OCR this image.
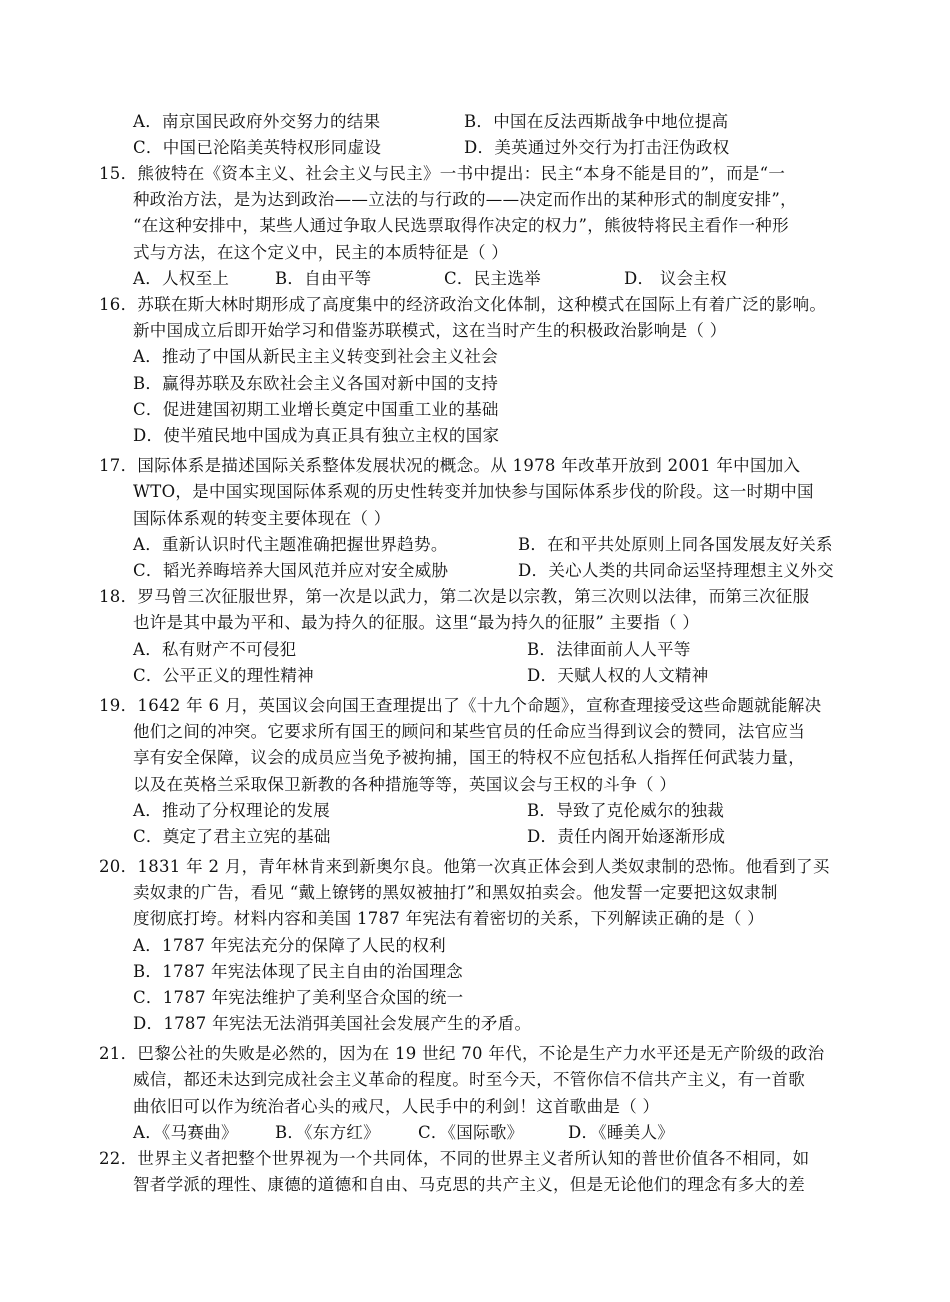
A．南京国民政府外交努力的结果	B．中国在反法西斯战争中地位提高
C．中国已沦陷美英特权形同虚设	D．美英通过外交行为打击汪伪政权
15．熊彼特在《资本主义、社会主义与民主》一书中提出：民主“本身不能是目的”，而是“一
种政治方法，是为达到政治——立法的与行政的——决定而作出的某种形式的制度安排”，
“在这种安排中，某些人通过争取人民选票取得作决定的权力”，熊彼特将民主看作一种形
式与方法，在这个定义中，民主的本质特征是（ ）
A．人权至上	B．自由平等	C．民主选举	D． 议会主权
16．苏联在斯大林时期形成了高度集中的经济政治文化体制，这种模式在国际上有着广泛的影响。
新中国成立后即开始学习和借鉴苏联模式，这在当时产生的积极政治影响是（ ）
A．推动了中国从新民主主义转变到社会主义社会
B．赢得苏联及东欧社会主义各国对新中国的支持
C．促进建国初期工业增长奠定中国重工业的基础
D．使半殖民地中国成为真正具有独立主权的国家
17．国际体系是描述国际关系整体发展状况的概念。从 1978 年改革开放到 2001 年中国加入
WTO，是中国实现国际体系观的历史性转变并加快参与国际体系步伐的阶段。这一时期中国
国际体系观的转变主要体现在（ ）
A．重新认识时代主题准确把握世界趋势。	B．在和平共处原则上同各国发展友好关系
C．韬光养晦培养大国风范并应对安全威胁	D．关心人类的共同命运坚持理想主义外交
18．罗马曾三次征服世界，第一次是以武力，第二次是以宗教，第三次则以法律，而第三次征服
也许是其中最为平和、最为持久的征服。这里“最为持久的征服” 主要指（ ）
A．私有财产不可侵犯	B．法律面前人人平等
C．公平正义的理性精神	D．天赋人权的人文精神
19．1642 年 6 月，英国议会向国王查理提出了《十九个命题》，宣称查理接受这些命题就能解决
他们之间的冲突。它要求所有国王的顾问和某些官员的任命应当得到议会的赞同，法官应当
享有安全保障，议会的成员应当免予被拘捕，国王的特权不应包括私人指挥任何武装力量，
以及在英格兰采取保卫新教的各种措施等等，英国议会与王权的斗争（ ）
A．推动了分权理论的发展	B．导致了克伦威尔的独裁
C．奠定了君主立宪的基础	D．责任内阁开始逐渐形成
20．1831 年 2 月，青年林肯来到新奥尔良。他第一次真正体会到人类奴隶制的恐怖。他看到了买
卖奴隶的广告，看见 “戴上镣铐的黑奴被抽打”和黑奴拍卖会。他发誓一定要把这奴隶制
度彻底打垮。材料内容和美国 1787 年宪法有着密切的关系，下列解读正确的是（ ）
A．1787 年宪法充分的保障了人民的权利
B．1787 年宪法体现了民主自由的治国理念
C．1787 年宪法维护了美利坚合众国的统一
D．1787 年宪法无法消弭美国社会发展产生的矛盾。
21．巴黎公社的失败是必然的，因为在 19 世纪 70 年代，不论是生产力水平还是无产阶级的政治
威信，都还未达到完成社会主义革命的程度。时至今天，不管你信不信共产主义，有一首歌
曲依旧可以作为统治者心头的戒尺，人民手中的利剑！这首歌曲是（ ）
A．《马赛曲》 B．《东方红》 C．《国际歌》	D．《睡美人》
22．世界主义者把整个世界视为一个共同体，不同的世界主义者所认知的普世价值各不相同，如
智者学派的理性、康德的道德和自由、马克思的共产主义，但是无论他们的理念有多大的差
